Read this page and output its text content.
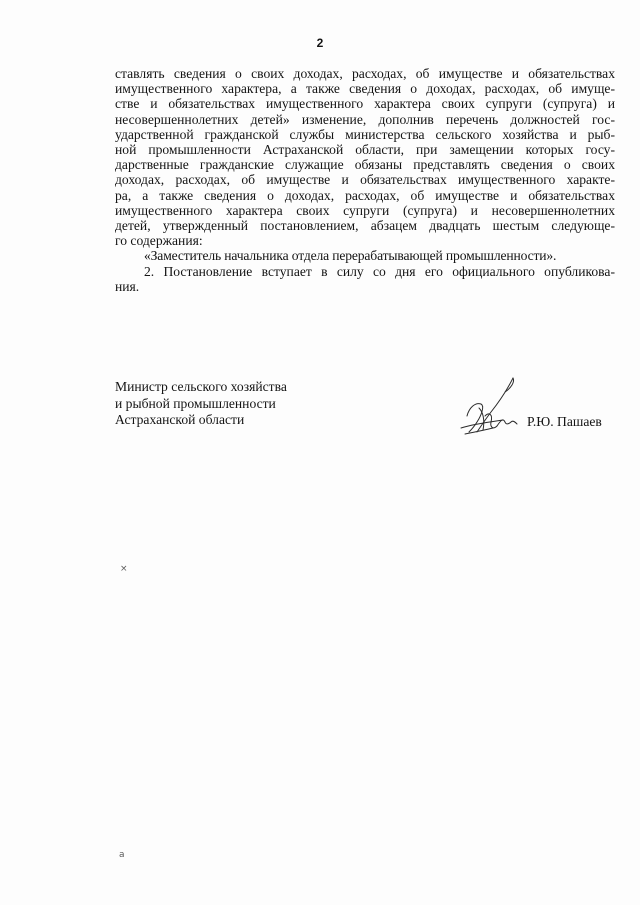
2
ставлять сведения о своих доходах, расходах, об имуществе и обязательствах
имущественного характера, а также сведения о доходах, расходах, об имуще-
стве и обязательствах имущественного характера своих супруги (супруга) и
несовершеннолетних детей» изменение, дополнив перечень должностей гос-
ударственной гражданской службы министерства сельского хозяйства и рыб-
ной промышленности Астраханской области, при замещении которых госу-
дарственные гражданские служащие обязаны представлять сведения о своих
доходах, расходах, об имуществе и обязательствах имущественного характе-
ра, а также сведения о доходах, расходах, об имуществе и обязательствах
имущественного характера своих супруги (супруга) и несовершеннолетних
детей, утвержденный постановлением, абзацем двадцать шестым следующе-
го содержания:
«Заместитель начальника отдела перерабатывающей промышленности».
2. Постановление вступает в силу со дня его официального опубликова-
ния.
Министр сельского хозяйства
и рыбной промышленности
Астраханской области	Р.Ю. Пашаев
×
a
